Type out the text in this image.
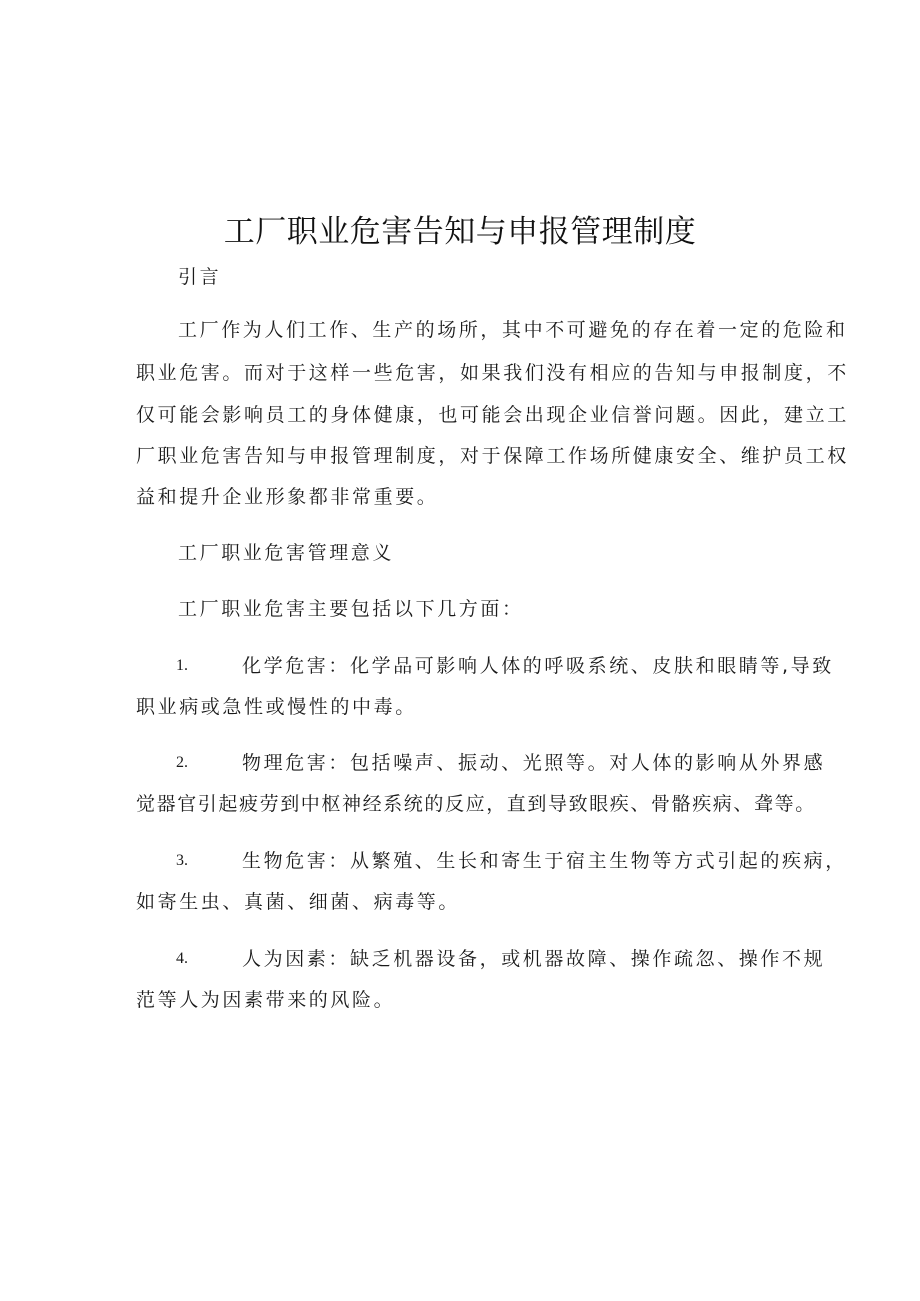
工厂职业危害告知与申报管理制度

引言

工厂作为人们工作、生产的场所，其中不可避免的存在着一定的危险和

职业危害。而对于这样一些危害，如果我们没有相应的告知与申报制度，不

仅可能会影响员工的身体健康，也可能会出现企业信誉问题。因此，建立工

厂职业危害告知与申报管理制度，对于保障工作场所健康安全、维护员工权

益和提升企业形象都非常重要。

工厂职业危害管理意义

工厂职业危害主要包括以下几方面：

1.	化学危害：化学品可影响人体的呼吸系统、皮肤和眼睛等,导致

职业病或急性或慢性的中毒。

2.	物理危害：包括噪声、振动、光照等。对人体的影响从外界感

觉器官引起疲劳到中枢神经系统的反应，直到导致眼疾、骨骼疾病、聋等。

3.	生物危害：从繁殖、生长和寄生于宿主生物等方式引起的疾病，

如寄生虫、真菌、细菌、病毒等。

4.	人为因素：缺乏机器设备，或机器故障、操作疏忽、操作不规

范等人为因素带来的风险。
